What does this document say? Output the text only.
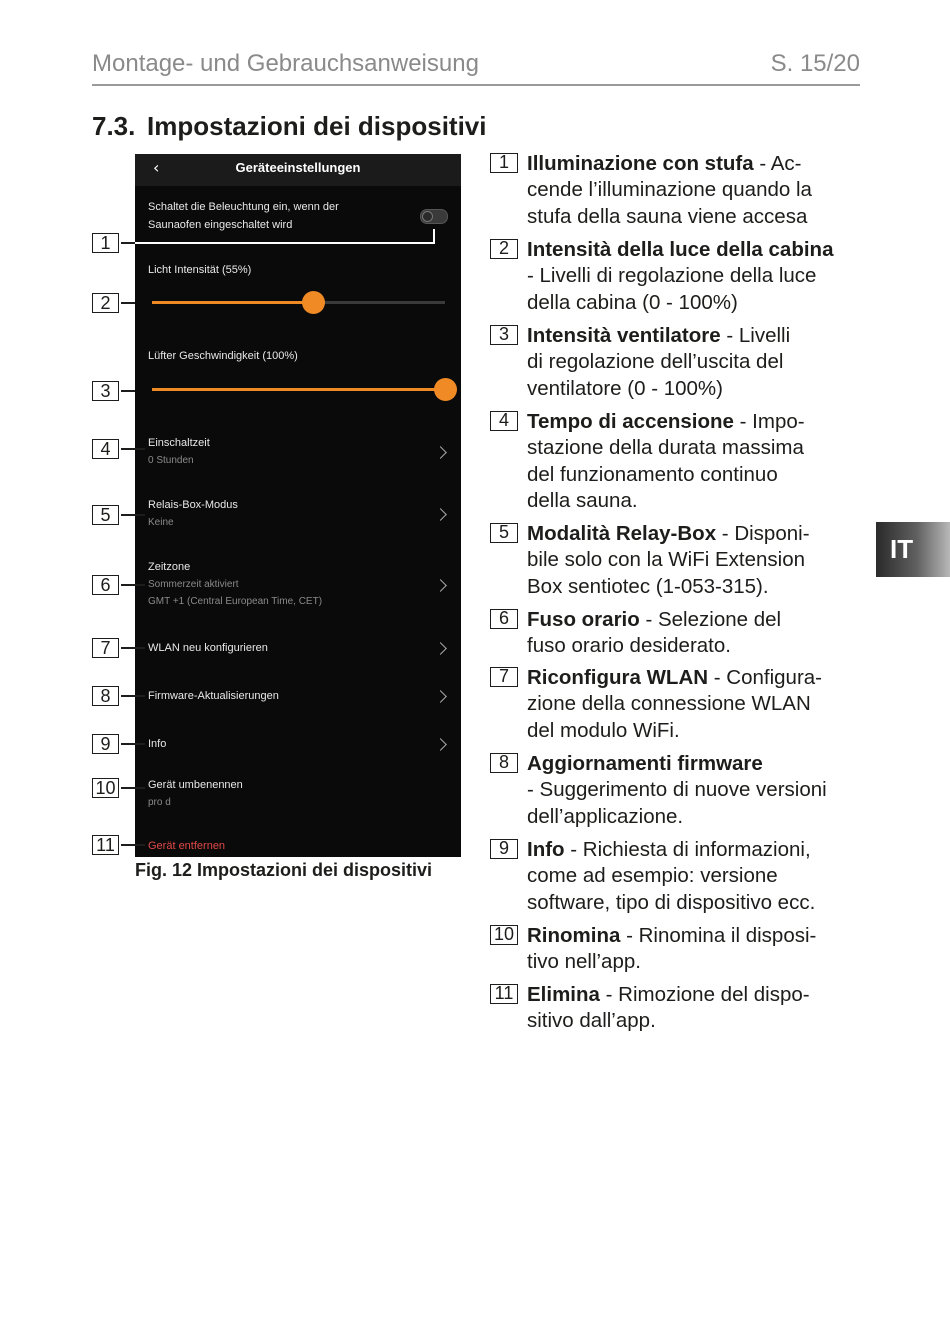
Montage- und Gebrauchsanweisung	S. 15/20
7.3. Impostazioni dei dispositivi
IT
‹	Geräteeinstellungen
Schaltet die Beleuchtung ein, wenn der
Saunaofen eingeschaltet wird
Licht Intensität (55%)
Lüfter Geschwindigkeit (100%)
Einschaltzeit
0 Stunden
Relais-Box-Modus
Keine
Zeitzone
Sommerzeit aktiviert
GMT +1 (Central European Time, CET)
WLAN neu konfigurieren
Firmware-Aktualisierungen
Info
Gerät umbenennen
pro d
Gerät entfernen
1
2
3
4
5
6
7
8
9
10
11
Fig. 12 Impostazioni dei dispositivi
1 Illuminazione con stufa - Ac-
cende l’illuminazione quando la
stufa della sauna viene accesa
2 Intensità della luce della cabina
- Livelli di regolazione della luce
della cabina (0 - 100%)
3 Intensità ventilatore - Livelli
di regolazione dell’uscita del
ventilatore (0 - 100%)
4 Tempo di accensione - Impo-
stazione della durata massima
del funzionamento continuo
della sauna.
5 Modalità Relay-Box - Disponi-
bile solo con la WiFi Extension
Box sentiotec (1-053-315).
6 Fuso orario - Selezione del
fuso orario desiderato.
7 Riconfigura WLAN - Configura-
zione della connessione WLAN
del modulo WiFi.
8 Aggiornamenti firmware
- Suggerimento di nuove versioni
dell’applicazione.
9 Info - Richiesta di informazioni,
come ad esempio: versione
software, tipo di dispositivo ecc.
10 Rinomina - Rinomina il disposi-
tivo nell’app.
11 Elimina - Rimozione del dispo-
sitivo dall’app.
